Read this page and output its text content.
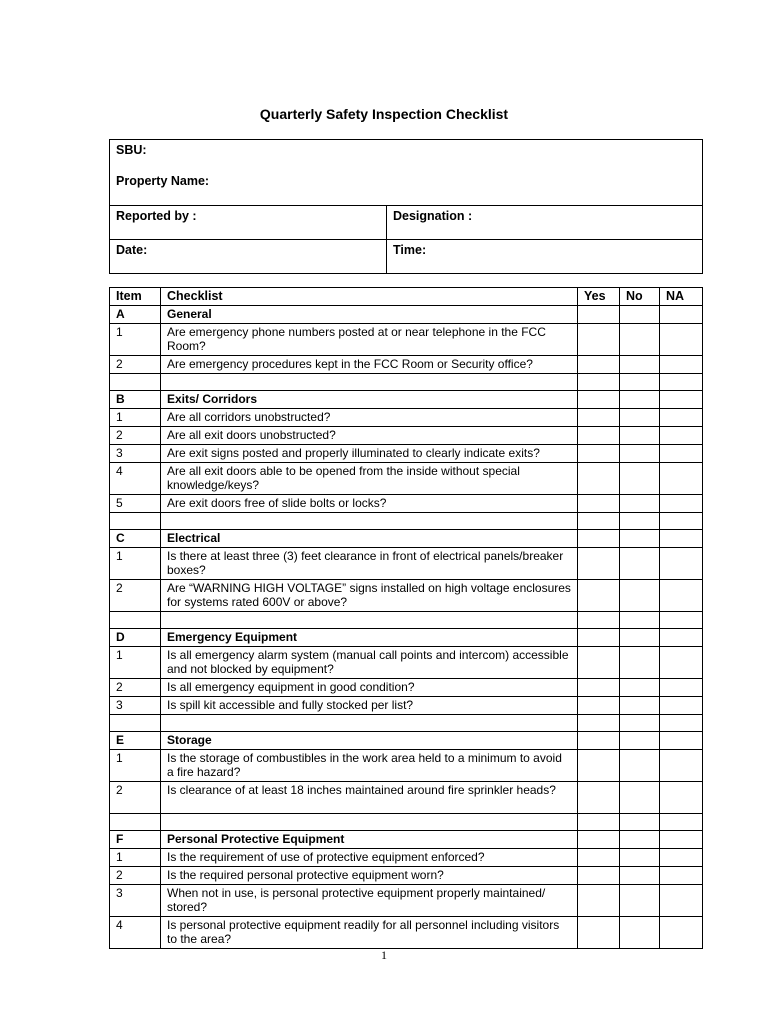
Quarterly Safety Inspection Checklist
SBU:
Property Name:	
Reported by :	Designation :
Date:	Time:
Item	Checklist	Yes	No	NA
A	General			
1	Are emergency phone numbers posted at or near telephone in the FCC Room?			
2	Are emergency procedures kept in the FCC Room or Security office?			

B	Exits/ Corridors			
1	Are all corridors unobstructed?			
2	Are all exit doors unobstructed?			
3	Are exit signs posted and properly illuminated to clearly indicate exits?			
4	Are all exit doors able to be opened from the inside without special knowledge/keys?			
5	Are exit doors free of slide bolts or locks?			

C	Electrical			
1	Is there at least three (3) feet clearance in front of electrical panels/breaker boxes?			
2	Are “WARNING HIGH VOLTAGE” signs installed on high voltage enclosures for systems rated 600V or above?			

D	Emergency Equipment			
1	Is all emergency alarm system (manual call points and intercom) accessible and not blocked by equipment?			
2	Is all emergency equipment in good condition?			
3	Is spill kit accessible and fully stocked per list?			

E	Storage			
1	Is the storage of combustibles in the work area held to a minimum to avoid a fire hazard?			
2	Is clearance of at least 18 inches maintained around fire sprinkler heads?			

F	Personal Protective Equipment			
1	Is the requirement of use of protective equipment enforced?			
2	Is the required personal protective equipment worn?			
3	When not in use, is personal protective equipment properly maintained/ stored?			
4	Is personal protective equipment readily for all personnel including visitors to the area?			
1
